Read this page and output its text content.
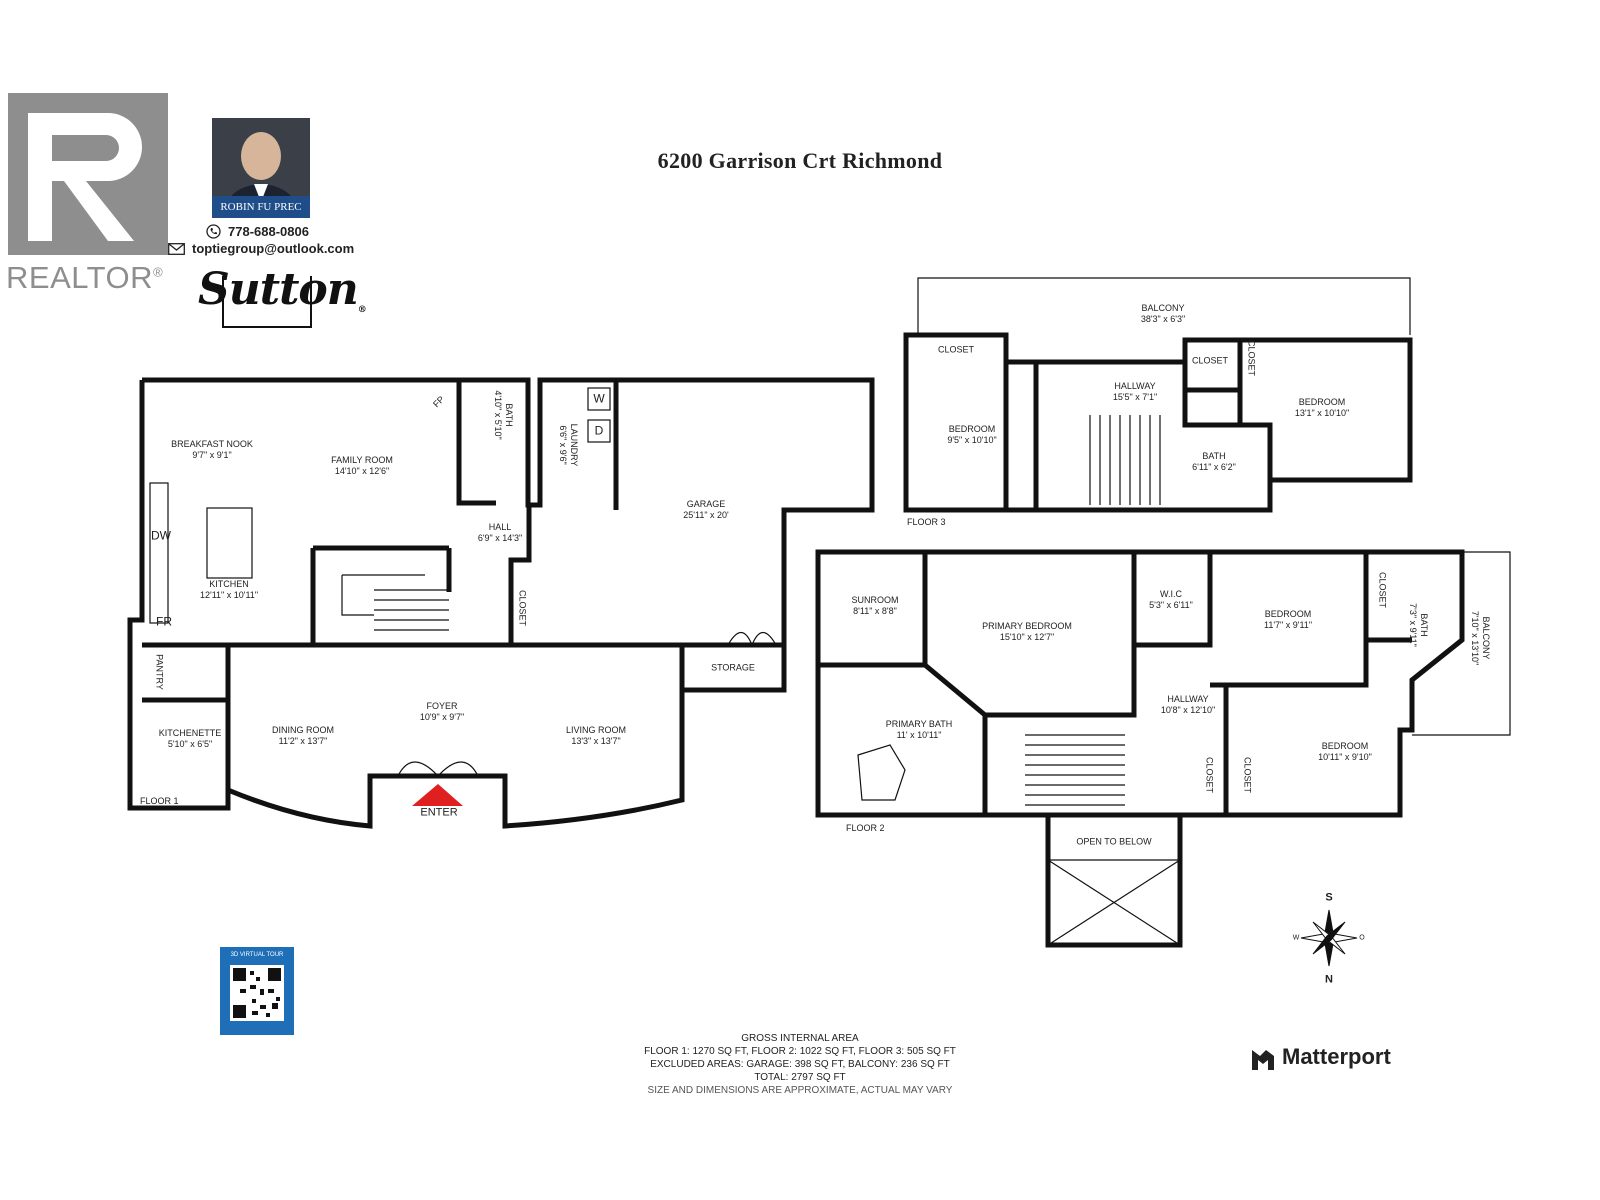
6200 Garrison Crt Richmond
REALTOR®
ROBIN FU PREC
778-688-0806
toptiegroup@outlook.com
Sutton®
BREAKFAST NOOK
9'7" x 9'1"	FAMILY ROOM
14'10" x 12'6"
FP
BATH
4'10" x 5'10"
LAUNDRY
6'6" x 9'6"
W
D
GARAGE
25'11" x 20'
DW
KITCHEN
12'11" x 10'11"
FR
HALL
6'9" x 14'3"
CLOSET
PANTRY	STORAGE
KITCHENETTE
5'10" x 6'5"
DINING ROOM
11'2" x 13'7"
FOYER
10'9" x 9'7"
LIVING ROOM
13'3" x 13'7"
ENTER
FLOOR 1
BALCONY
38'3" x 6'3"
CLOSET
HALLWAY
15'5" x 7'1"
CLOSET CLOSET
BEDROOM
9'5" x 10'10"
BEDROOM
13'1" x 10'10"
BATH
6'11" x 6'2"
FLOOR 3
SUNROOM
8'11" x 8'8"
PRIMARY BEDROOM
15'10" x 12'7"
W.I.C
5'3" x 6'11"
BEDROOM
11'7" x 9'11"
CLOSET
BATH
7'3" x 9'11"	BALCONY
7'10" x 13'10"
PRIMARY BATH
11' x 10'11"
HALLWAY
10'8" x 12'10"
CLOSET	CLOSET
BEDROOM
10'11" x 9'10"
OPEN TO BELOW
FLOOR 2
S
N
W	O
3D VIRTUAL TOUR
GROSS INTERNAL AREA
FLOOR 1: 1270 SQ FT, FLOOR 2: 1022 SQ FT, FLOOR 3: 505 SQ FT
EXCLUDED AREAS: GARAGE: 398 SQ FT, BALCONY: 236 SQ FT
TOTAL: 2797 SQ FT
SIZE AND DIMENSIONS ARE APPROXIMATE, ACTUAL MAY VARY
Matterport
